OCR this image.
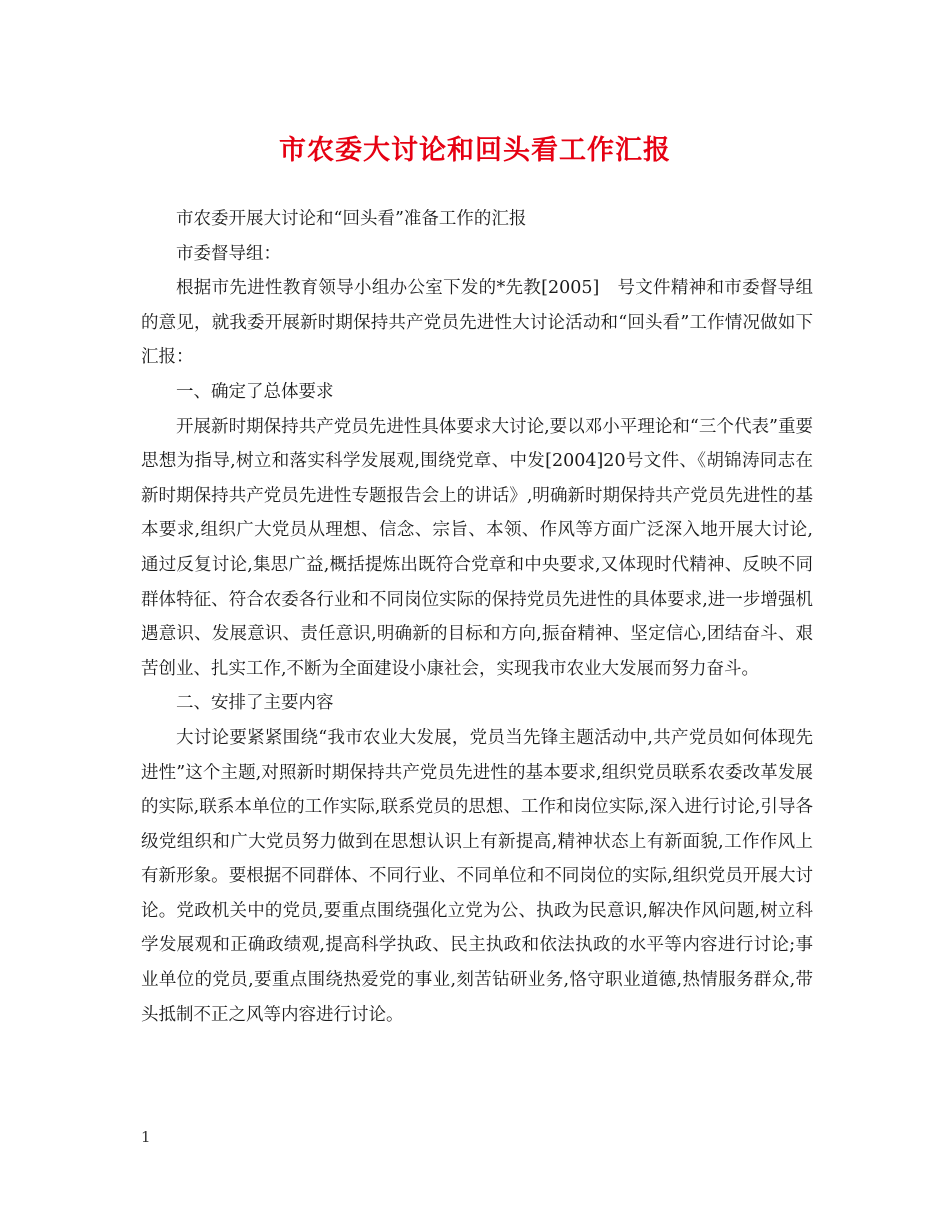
市农委大讨论和回头看工作汇报

市农委开展大讨论和“回头看”准备工作的汇报

市委督导组：

根据市先进性教育领导小组办公室下发的*先教[2005]　号文件精神和市委督导组的意见，就我委开展新时期保持共产党员先进性大讨论活动和“回头看”工作情况做如下汇报：

一、确定了总体要求

开展新时期保持共产党员先进性具体要求大讨论,要以邓小平理论和“三个代表”重要思想为指导,树立和落实科学发展观,围绕党章、中发[2004]20号文件、《胡锦涛同志在新时期保持共产党员先进性专题报告会上的讲话》,明确新时期保持共产党员先进性的基本要求,组织广大党员从理想、信念、宗旨、本领、作风等方面广泛深入地开展大讨论,通过反复讨论,集思广益,概括提炼出既符合党章和中央要求,又体现时代精神、反映不同群体特征、符合农委各行业和不同岗位实际的保持党员先进性的具体要求,进一步增强机遇意识、发展意识、责任意识,明确新的目标和方向,振奋精神、坚定信心,团结奋斗、艰苦创业、扎实工作,不断为全面建设小康社会，实现我市农业大发展而努力奋斗。

二、安排了主要内容

大讨论要紧紧围绕“我市农业大发展，党员当先锋主题活动中,共产党员如何体现先进性”这个主题,对照新时期保持共产党员先进性的基本要求,组织党员联系农委改革发展的实际,联系本单位的工作实际,联系党员的思想、工作和岗位实际,深入进行讨论,引导各级党组织和广大党员努力做到在思想认识上有新提高,精神状态上有新面貌,工作作风上有新形象。要根据不同群体、不同行业、不同单位和不同岗位的实际,组织党员开展大讨论。党政机关中的党员,要重点围绕强化立党为公、执政为民意识,解决作风问题,树立科学发展观和正确政绩观,提高科学执政、民主执政和依法执政的水平等内容进行讨论;事业单位的党员,要重点围绕热爱党的事业,刻苦钻研业务,恪守职业道德,热情服务群众,带头抵制不正之风等内容进行讨论。

1
